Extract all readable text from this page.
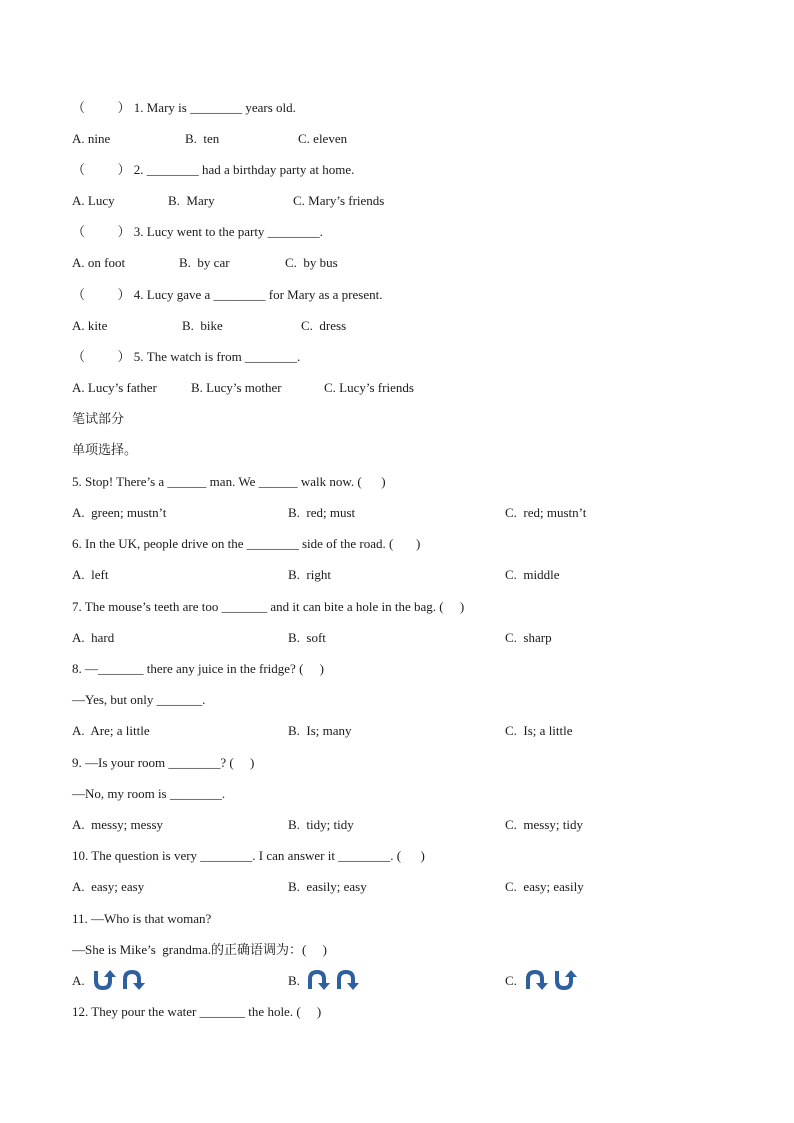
（          ） 1. Mary is ________ years old.
A. nine	B.  ten	C. eleven
（          ） 2. ________ had a birthday party at home.
A. Lucy	B.  Mary	C. Mary’s friends
（          ） 3. Lucy went to the party ________.
A. on foot	B.  by car	C.  by bus
（          ） 4. Lucy gave a ________ for Mary as a present.
A. kite	B.  bike	C.  dress
（          ） 5. The watch is from ________.
A. Lucy’s father	B. Lucy’s mother	C. Lucy’s friends
笔试部分
单项选择。
5. Stop! There’s a ______ man. We ______ walk now. (      )
A.  green; mustn’t	B.  red; must	C.  red; mustn’t
6. In the UK, people drive on the ________ side of the road. (       )
A.  left	B.  right	C.  middle
7. The mouse’s teeth are too _______ and it can bite a hole in the bag. (     )
A.  hard	B.  soft	C.  sharp
8. —_______ there any juice in the fridge? (     )
—Yes, but only _______.
A.  Are; a little	B.  Is; many	C.  Is; a little
9. —Is your room ________? (     )
—No, my room is ________.
A.  messy; messy	B.  tidy; tidy	C.  messy; tidy
10. The question is very ________. I can answer it ________. (      )
A.  easy; easy	B.  easily; easy	C.  easy; easily
11. —Who is that woman?
—She is Mike’s  grandma.的正确语调为：(     )
A.
	B.
	C.

12. They pour the water _______ the hole. (     )
